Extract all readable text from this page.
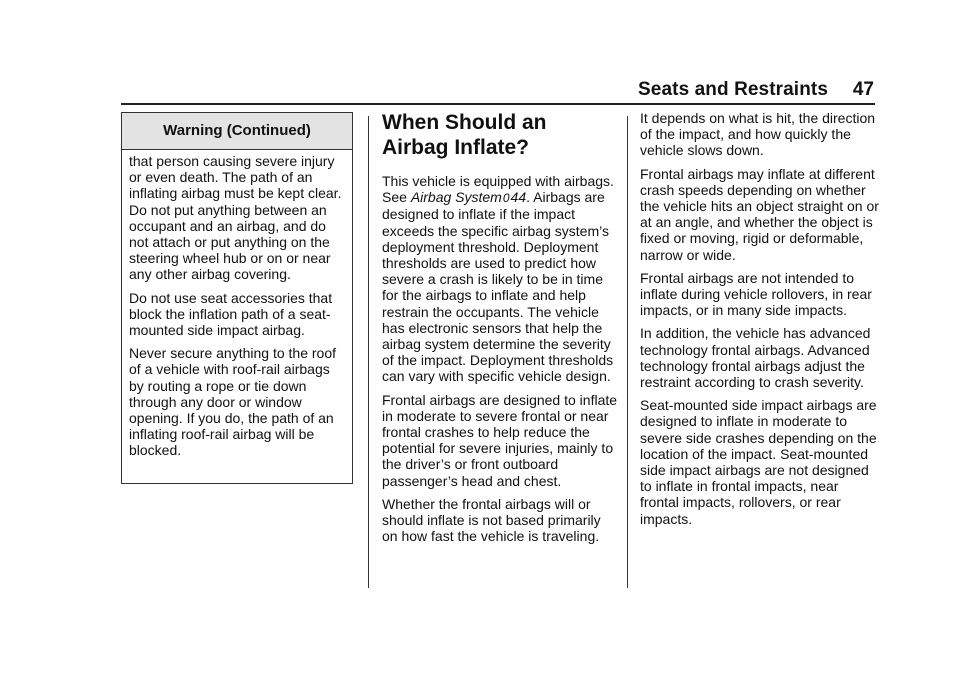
Seats and Restraints	47
Warning (Continued)

that person causing severe injury or even death. The path of an inflating airbag must be kept clear. Do not put anything between an occupant and an airbag, and do not attach or put anything on the steering wheel hub or on or near any other airbag covering.

Do not use seat accessories that block the inflation path of a seat-mounted side impact airbag.

Never secure anything to the roof of a vehicle with roof-rail airbags by routing a rope or tie down through any door or window opening. If you do, the path of an inflating roof-rail airbag will be blocked.

When Should an Airbag Inflate?

This vehicle is equipped with airbags. See Airbag System044. Airbags are designed to inflate if the impact exceeds the specific airbag system’s deployment threshold. Deployment thresholds are used to predict how severe a crash is likely to be in time for the airbags to inflate and help restrain the occupants. The vehicle has electronic sensors that help the airbag system determine the severity of the impact. Deployment thresholds can vary with specific vehicle design.

Frontal airbags are designed to inflate in moderate to severe frontal or near frontal crashes to help reduce the potential for severe injuries, mainly to the driver’s or front outboard passenger’s head and chest.

Whether the frontal airbags will or should inflate is not based primarily on how fast the vehicle is traveling.

It depends on what is hit, the direction of the impact, and how quickly the vehicle slows down.

Frontal airbags may inflate at different crash speeds depending on whether the vehicle hits an object straight on or at an angle, and whether the object is fixed or moving, rigid or deformable, narrow or wide.

Frontal airbags are not intended to inflate during vehicle rollovers, in rear impacts, or in many side impacts.

In addition, the vehicle has advanced technology frontal airbags. Advanced technology frontal airbags adjust the restraint according to crash severity.

Seat-mounted side impact airbags are designed to inflate in moderate to severe side crashes depending on the location of the impact. Seat-mounted side impact airbags are not designed to inflate in frontal impacts, near frontal impacts, rollovers, or rear impacts.
